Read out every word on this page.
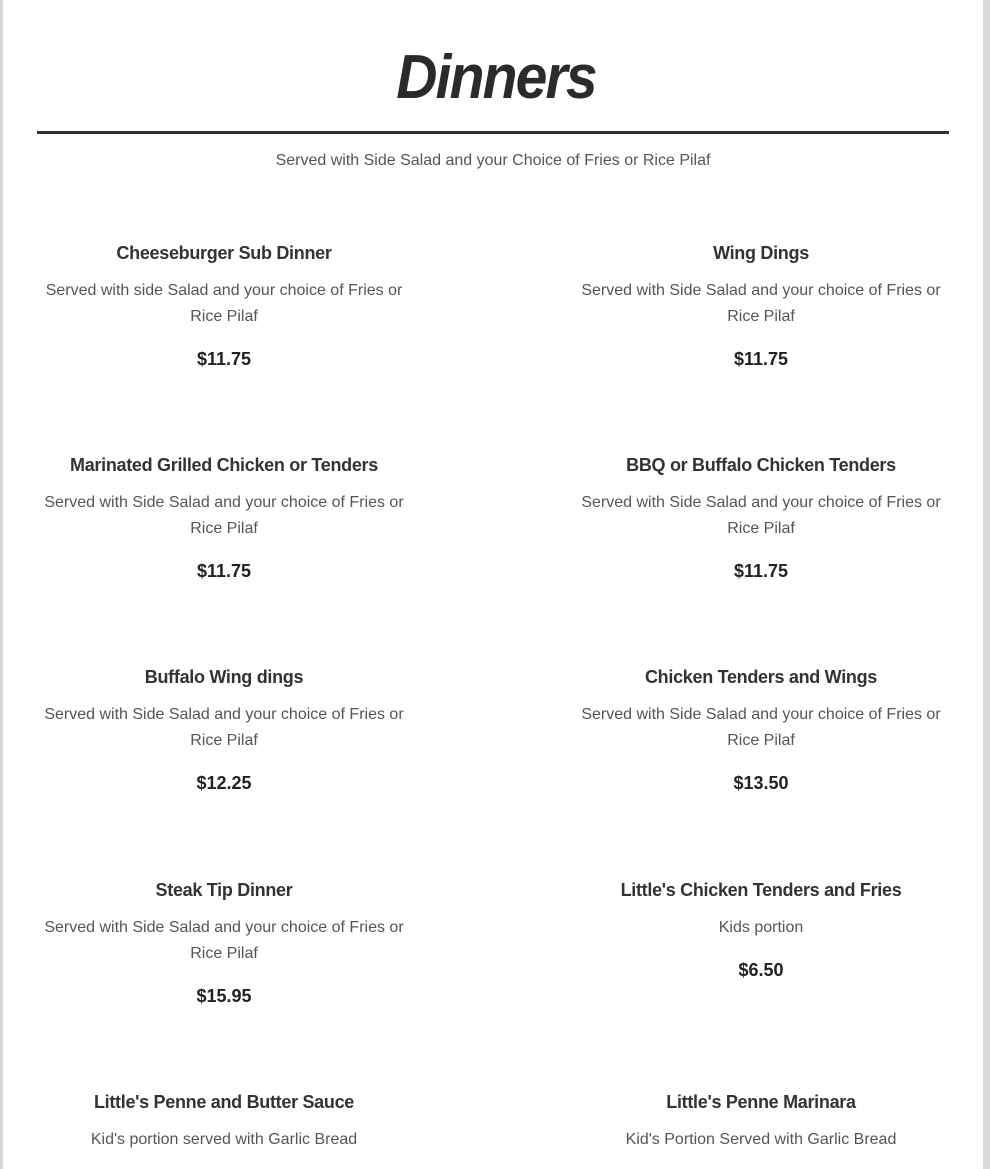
Dinners
Served with Side Salad and your Choice of Fries or Rice Pilaf
Cheeseburger Sub Dinner
Served with side Salad and your choice of Fries or Rice Pilaf
$11.75
Wing Dings
Served with Side Salad and your choice of Fries or Rice Pilaf
$11.75
Marinated Grilled Chicken or Tenders
Served with Side Salad and your choice of Fries or Rice Pilaf
$11.75
BBQ or Buffalo Chicken Tenders
Served with Side Salad and your choice of Fries or Rice Pilaf
$11.75
Buffalo Wing dings
Served with Side Salad and your choice of Fries or Rice Pilaf
$12.25
Chicken Tenders and Wings
Served with Side Salad and your choice of Fries or Rice Pilaf
$13.50
Steak Tip Dinner
Served with Side Salad and your choice of Fries or Rice Pilaf
$15.95
Little's Chicken Tenders and Fries
Kids portion
$6.50
Little's Penne and Butter Sauce
Kid's portion served with Garlic Bread
Little's Penne Marinara
Kid's Portion Served with Garlic Bread
